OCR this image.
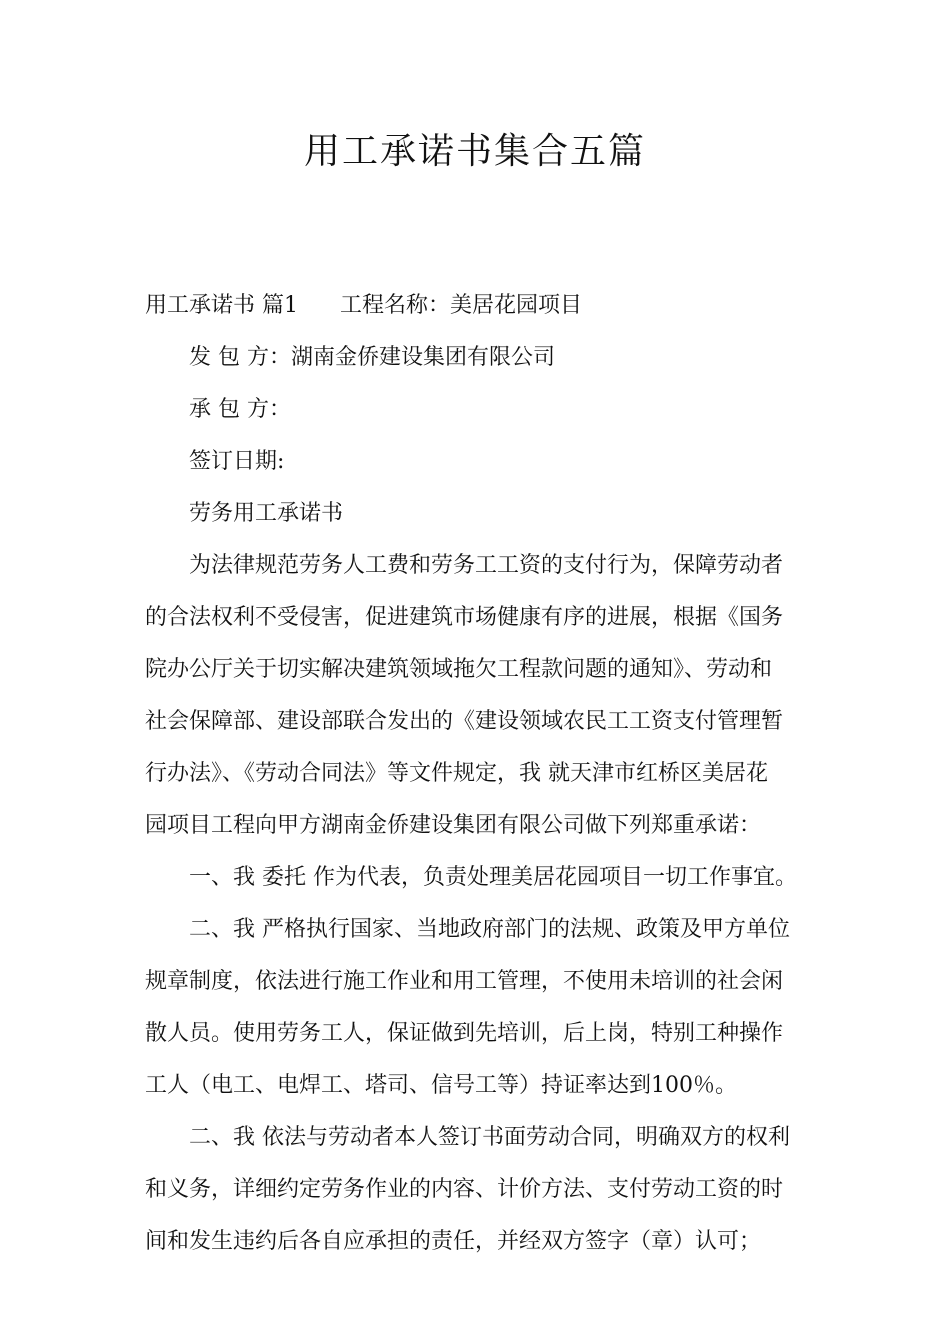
用工承诺书集合五篇
用工承诺书 篇1 工程名称：美居花园项目
发 包 方：湖南金侨建设集团有限公司
承 包 方：
签订日期:
劳务用工承诺书
为法律规范劳务人工费和劳务工工资的支付行为，保障劳动者
的合法权利不受侵害，促进建筑市场健康有序的进展，根据《国务
院办公厅关于切实解决建筑领域拖欠工程款问题的通知》、劳动和
社会保障部、建设部联合发出的《建设领域农民工工资支付管理暂
行办法》、《劳动合同法》等文件规定，我 就天津市红桥区美居花
园项目工程向甲方湖南金侨建设集团有限公司做下列郑重承诺：
一、我 委托 作为代表，负责处理美居花园项目一切工作事宜。
二、我 严格执行国家、当地政府部门的法规、政策及甲方单位
规章制度，依法进行施工作业和用工管理，不使用未培训的社会闲
散人员。使用劳务工人，保证做到先培训，后上岗，特别工种操作
工人（电工、电焊工、塔司、信号工等）持证率达到100％。
二、我 依法与劳动者本人签订书面劳动合同，明确双方的权利
和义务，详细约定劳务作业的内容、计价方法、支付劳动工资的时
间和发生违约后各自应承担的责任，并经双方签字（章）认可；
